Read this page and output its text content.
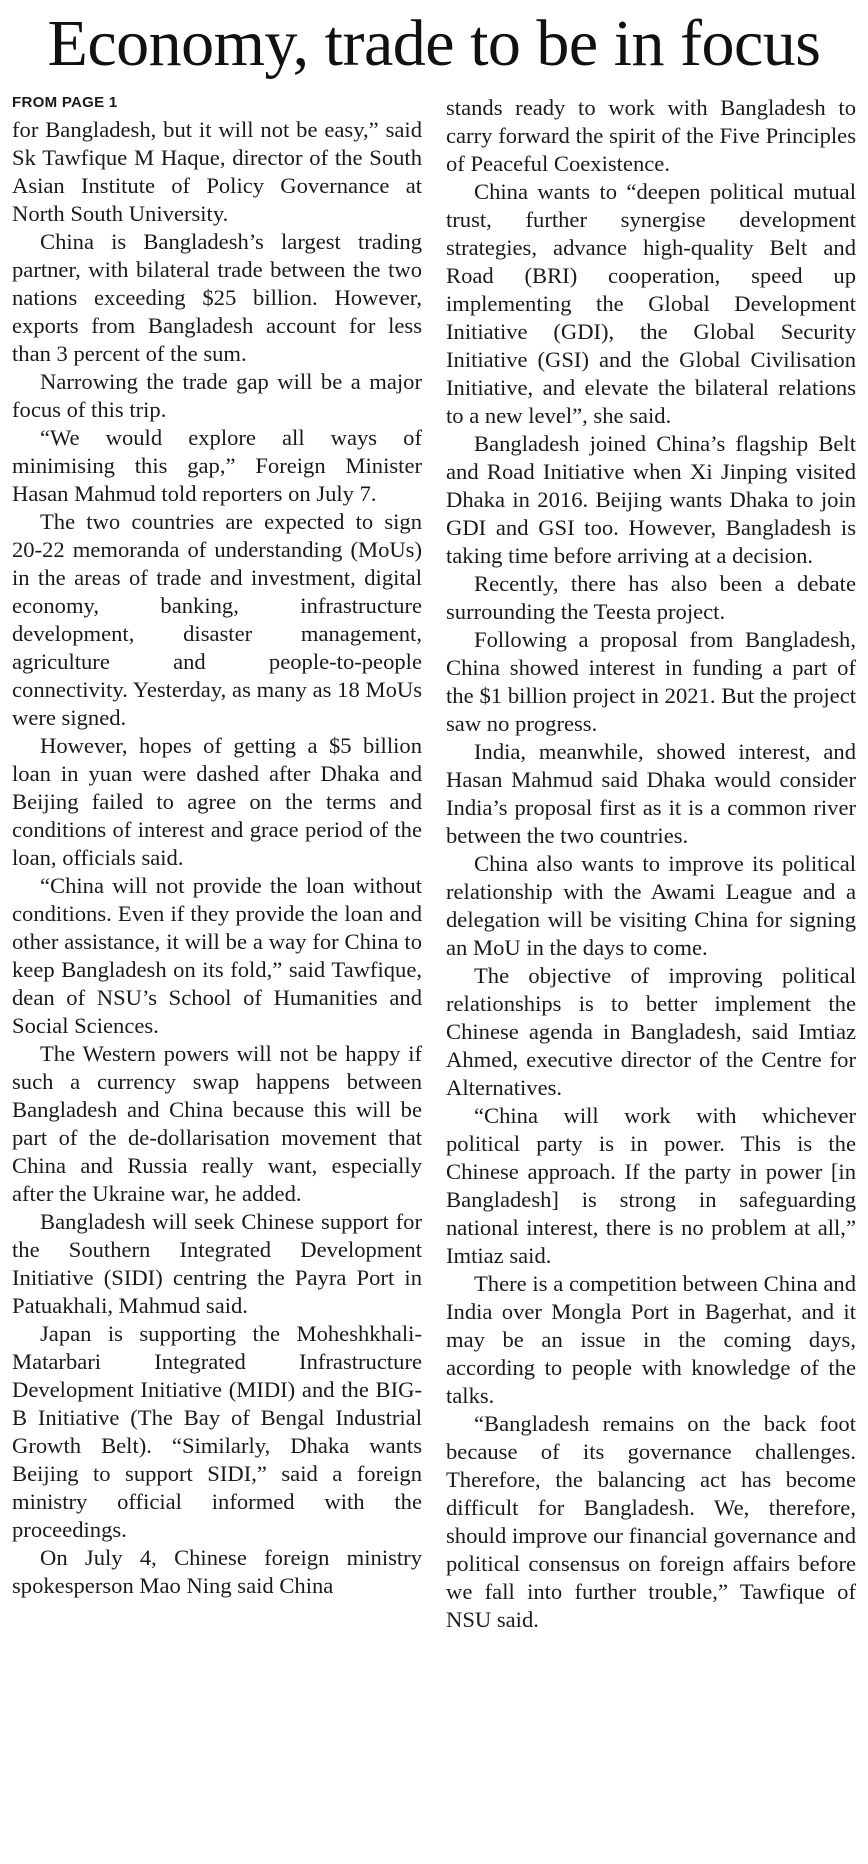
Economy, trade to be in focus
FROM PAGE 1

for Bangladesh, but it will not be easy,” said Sk Tawfique M Haque, director of the South Asian Institute of Policy Governance at North South University.

China is Bangladesh’s largest trading partner, with bilateral trade between the two nations exceeding $25 billion. However, exports from Bangladesh account for less than 3 percent of the sum.

Narrowing the trade gap will be a major focus of this trip.

“We would explore all ways of minimising this gap,” Foreign Minister Hasan Mahmud told reporters on July 7.

The two countries are expected to sign 20-22 memoranda of understanding (MoUs) in the areas of trade and investment, digital economy, banking, infrastructure development, disaster management, agriculture and people-to-people connectivity. Yesterday, as many as 18 MoUs were signed.

However, hopes of getting a $5 billion loan in yuan were dashed after Dhaka and Beijing failed to agree on the terms and conditions of interest and grace period of the loan, officials said.

“China will not provide the loan without conditions. Even if they provide the loan and other assistance, it will be a way for China to keep Bangladesh on its fold,” said Tawfique, dean of NSU’s School of Humanities and Social Sciences.

The Western powers will not be happy if such a currency swap happens between Bangladesh and China because this will be part of the de-dollarisation movement that China and Russia really want, especially after the Ukraine war, he added.

Bangladesh will seek Chinese support for the Southern Integrated Development Initiative (SIDI) centring the Payra Port in Patuakhali, Mahmud said.

Japan is supporting the Moheshkhali-Matarbari Integrated Infrastructure Development Initiative (MIDI) and the BIG-B Initiative (The Bay of Bengal Industrial Growth Belt). “Similarly, Dhaka wants Beijing to support SIDI,” said a foreign ministry official informed with the proceedings.

On July 4, Chinese foreign ministry spokesperson Mao Ning said China

stands ready to work with Bangladesh to carry forward the spirit of the Five Principles of Peaceful Coexistence.

China wants to “deepen political mutual trust, further synergise development strategies, advance high-quality Belt and Road (BRI) cooperation, speed up implementing the Global Development Initiative (GDI), the Global Security Initiative (GSI) and the Global Civilisation Initiative, and elevate the bilateral relations to a new level”, she said.

Bangladesh joined China’s flagship Belt and Road Initiative when Xi Jinping visited Dhaka in 2016. Beijing wants Dhaka to join GDI and GSI too. However, Bangladesh is taking time before arriving at a decision.

Recently, there has also been a debate surrounding the Teesta project.

Following a proposal from Bangladesh, China showed interest in funding a part of the $1 billion project in 2021. But the project saw no progress.

India, meanwhile, showed interest, and Hasan Mahmud said Dhaka would consider India’s proposal first as it is a common river between the two countries.

China also wants to improve its political relationship with the Awami League and a delegation will be visiting China for signing an MoU in the days to come.

The objective of improving political relationships is to better implement the Chinese agenda in Bangladesh, said Imtiaz Ahmed, executive director of the Centre for Alternatives.

“China will work with whichever political party is in power. This is the Chinese approach. If the party in power [in Bangladesh] is strong in safeguarding national interest, there is no problem at all,” Imtiaz said.

There is a competition between China and India over Mongla Port in Bagerhat, and it may be an issue in the coming days, according to people with knowledge of the talks.

“Bangladesh remains on the back foot because of its governance challenges. Therefore, the balancing act has become difficult for Bangladesh. We, therefore, should improve our financial governance and political consensus on foreign affairs before we fall into further trouble,” Tawfique of NSU said.
